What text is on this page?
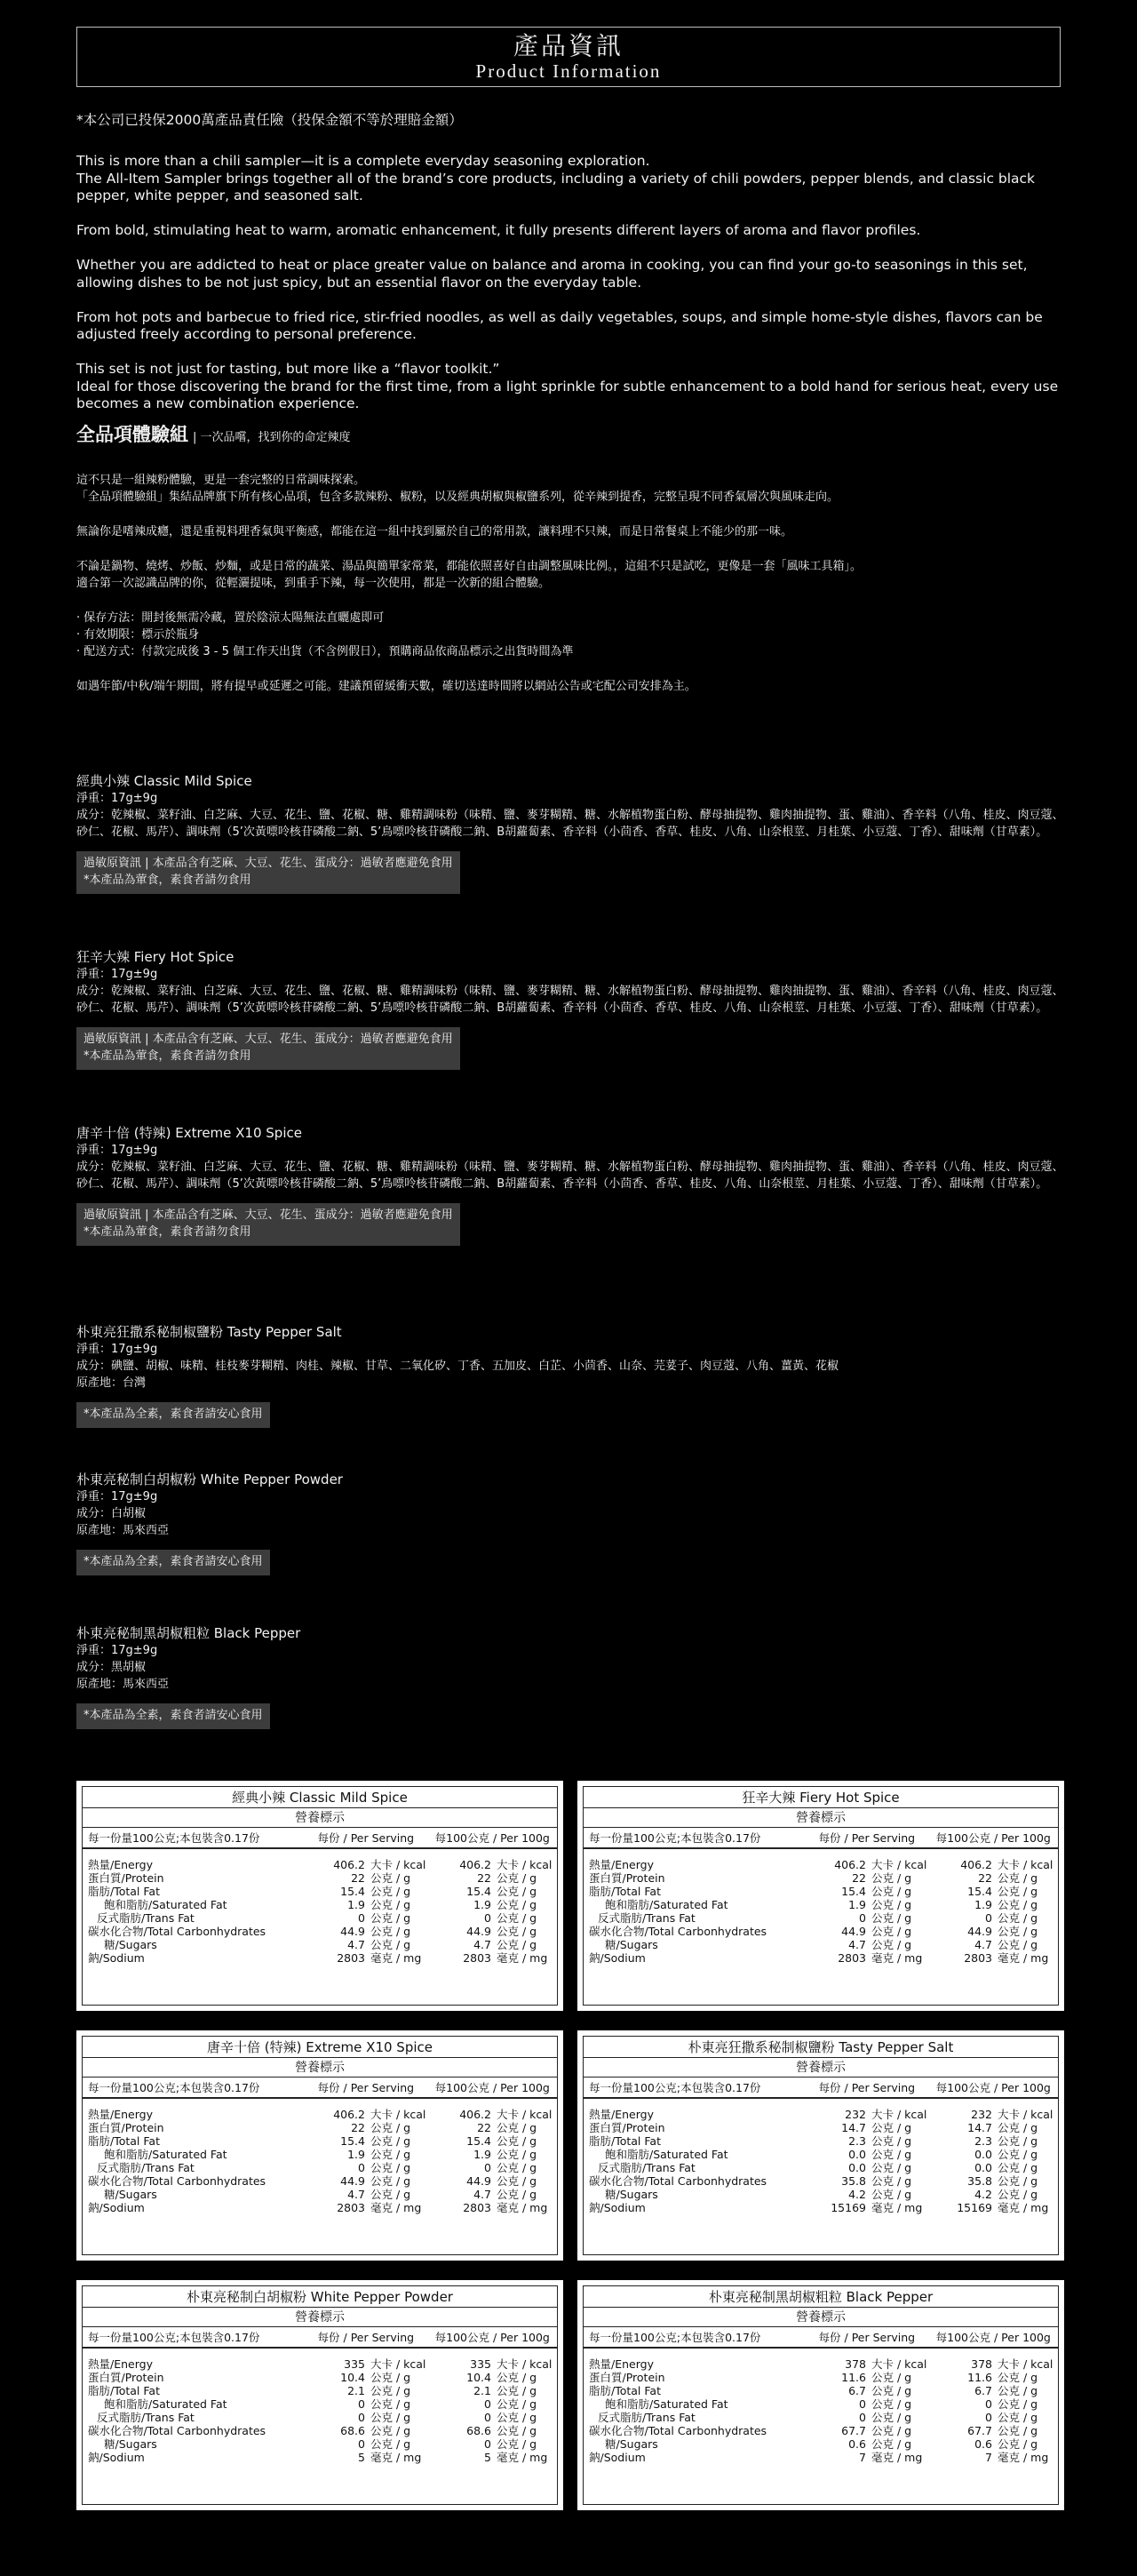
產品資訊
Product Information
*本公司已投保2000萬產品責任險（投保金額不等於理賠金額）

This is more than a chili sampler—it is a complete everyday seasoning exploration.
The All-Item Sampler brings together all of the brand’s core products, including a variety of chili powders, pepper blends, and classic black pepper, white pepper, and seasoned salt.

From bold, stimulating heat to warm, aromatic enhancement, it fully presents different layers of aroma and flavor profiles.

Whether you are addicted to heat or place greater value on balance and aroma in cooking, you can find your go-to seasonings in this set, allowing dishes to be not just spicy, but an essential flavor on the everyday table.

From hot pots and barbecue to fried rice, stir-fried noodles, as well as daily vegetables, soups, and simple home-style dishes, flavors can be adjusted freely according to personal preference.

This set is not just for tasting, but more like a “flavor toolkit.”
Ideal for those discovering the brand for the first time, from a light sprinkle for subtle enhancement to a bold hand for serious heat, every use becomes a new combination experience.

全品項體驗組 | 一次品嚐，找到你的命定辣度

這不只是一組辣粉體驗，更是一套完整的日常調味探索。
「全品項體驗組」集結品牌旗下所有核心品項，包含多款辣粉、椒粉，以及經典胡椒與椒鹽系列，從辛辣到提香，完整呈現不同香氣層次與風味走向。

無論你是嗜辣成癮，還是重視料理香氣與平衡感，都能在這一組中找到屬於自己的常用款，讓料理不只辣，而是日常餐桌上不能少的那一味。

不論是鍋物、燒烤、炒飯、炒麵，或是日常的蔬菜、湯品與簡單家常菜，都能依照喜好自由調整風味比例。，這組不只是試吃，更像是一套「風味工具箱」。
適合第一次認識品牌的你，從輕灑提味，到重手下辣，每一次使用，都是一次新的組合體驗。

· 保存方法：開封後無需冷藏，置於陰涼太陽無法直曬處即可
· 有效期限：標示於瓶身
· 配送方式：付款完成後 3 - 5 個工作天出貨（不含例假日），預購商品依商品標示之出貨時間為準

如遇年節/中秋/端午期間，將有提早或延遲之可能。建議預留緩衝天數，確切送達時間將以網站公告或宅配公司安排為主。

經典小辣 Classic Mild Spice
淨重：17g±9g
成分：乾辣椒、菜籽油、白芝麻、大豆、花生、鹽、花椒、糖、雞精調味粉（味精、鹽、麥芽糊精、糖、水解植物蛋白粉、酵母抽提物、雞肉抽提物、蛋、雞油）、香辛料（八角、桂皮、肉豆蔻、砂仁、花椒、馬芹）、調味劑（5’次黃嘌呤核苷磷酸二鈉、5’鳥嘌呤核苷磷酸二鈉、B胡蘿蔔素、香辛料（小茴香、香草、桂皮、八角、山奈根莖、月桂葉、小豆蔻、丁香）、甜味劑（甘草素）。
過敏原資訊 | 本產品含有芝麻、大豆、花生、蛋成分：過敏者應避免食用
*本產品為葷食，素食者請勿食用
狂辛大辣 Fiery Hot Spice
淨重：17g±9g
成分：乾辣椒、菜籽油、白芝麻、大豆、花生、鹽、花椒、糖、雞精調味粉（味精、鹽、麥芽糊精、糖、水解植物蛋白粉、酵母抽提物、雞肉抽提物、蛋、雞油）、香辛料（八角、桂皮、肉豆蔻、砂仁、花椒、馬芹）、調味劑（5’次黃嘌呤核苷磷酸二鈉、5’鳥嘌呤核苷磷酸二鈉、B胡蘿蔔素、香辛料（小茴香、香草、桂皮、八角、山奈根莖、月桂葉、小豆蔻、丁香）、甜味劑（甘草素）。
過敏原資訊 | 本產品含有芝麻、大豆、花生、蛋成分：過敏者應避免食用
*本產品為葷食，素食者請勿食用
唐辛十倍 (特辣) Extreme X10 Spice
淨重：17g±9g
成分：乾辣椒、菜籽油、白芝麻、大豆、花生、鹽、花椒、糖、雞精調味粉（味精、鹽、麥芽糊精、糖、水解植物蛋白粉、酵母抽提物、雞肉抽提物、蛋、雞油）、香辛料（八角、桂皮、肉豆蔻、砂仁、花椒、馬芹）、調味劑（5’次黃嘌呤核苷磷酸二鈉、5’鳥嘌呤核苷磷酸二鈉、B胡蘿蔔素、香辛料（小茴香、香草、桂皮、八角、山奈根莖、月桂葉、小豆蔻、丁香）、甜味劑（甘草素）。
過敏原資訊 | 本產品含有芝麻、大豆、花生、蛋成分：過敏者應避免食用
*本產品為葷食，素食者請勿食用
朴東亮狂撒系秘制椒鹽粉 Tasty Pepper Salt
淨重：17g±9g
成分：碘鹽、胡椒、味精、桂枝麥芽糊精、肉桂、辣椒、甘草、二氧化矽、丁香、五加皮、白芷、小茴香、山奈、芫荽子、肉豆蔻、八角、薑黃、花椒
原產地：台灣
*本產品為全素，素食者請安心食用
朴東亮秘制白胡椒粉 White Pepper Powder
淨重：17g±9g
成分：白胡椒
原產地：馬來西亞
*本產品為全素，素食者請安心食用
朴東亮秘制黑胡椒粗粒 Black Pepper
淨重：17g±9g
成分：黑胡椒
原產地：馬來西亞
*本產品為全素，素食者請安心食用
經典小辣 Classic Mild Spice
營養標示
每一份量100公克;本包裝含0.17份	每份 / Per Serving	每100公克 / Per 100g
熱量/Energy	406.2 大卡 / kcal	406.2 大卡 / kcal
蛋白質/Protein	22 公克 / g	22 公克 / g
脂肪/Total Fat	15.4 公克 / g	15.4 公克 / g
飽和脂肪/Saturated Fat	1.9 公克 / g	1.9 公克 / g
反式脂肪/Trans Fat	0 公克 / g	0 公克 / g
碳水化合物/Total Carbonhydrates	44.9 公克 / g	44.9 公克 / g
糖/Sugars	4.7 公克 / g	4.7 公克 / g
鈉/Sodium	2803 毫克 / mg	2803 毫克 / mg
狂辛大辣 Fiery Hot Spice
營養標示
每一份量100公克;本包裝含0.17份	每份 / Per Serving	每100公克 / Per 100g
熱量/Energy	406.2 大卡 / kcal	406.2 大卡 / kcal
蛋白質/Protein	22 公克 / g	22 公克 / g
脂肪/Total Fat	15.4 公克 / g	15.4 公克 / g
飽和脂肪/Saturated Fat	1.9 公克 / g	1.9 公克 / g
反式脂肪/Trans Fat	0 公克 / g	0 公克 / g
碳水化合物/Total Carbonhydrates	44.9 公克 / g	44.9 公克 / g
糖/Sugars	4.7 公克 / g	4.7 公克 / g
鈉/Sodium	2803 毫克 / mg	2803 毫克 / mg
唐辛十倍 (特辣) Extreme X10 Spice
營養標示
每一份量100公克;本包裝含0.17份	每份 / Per Serving	每100公克 / Per 100g
熱量/Energy	406.2 大卡 / kcal	406.2 大卡 / kcal
蛋白質/Protein	22 公克 / g	22 公克 / g
脂肪/Total Fat	15.4 公克 / g	15.4 公克 / g
飽和脂肪/Saturated Fat	1.9 公克 / g	1.9 公克 / g
反式脂肪/Trans Fat	0 公克 / g	0 公克 / g
碳水化合物/Total Carbonhydrates	44.9 公克 / g	44.9 公克 / g
糖/Sugars	4.7 公克 / g	4.7 公克 / g
鈉/Sodium	2803 毫克 / mg	2803 毫克 / mg
朴東亮狂撒系秘制椒鹽粉 Tasty Pepper Salt
營養標示
每一份量100公克;本包裝含0.17份	每份 / Per Serving	每100公克 / Per 100g
熱量/Energy	232 大卡 / kcal	232 大卡 / kcal
蛋白質/Protein	14.7 公克 / g	14.7 公克 / g
脂肪/Total Fat	2.3 公克 / g	2.3 公克 / g
飽和脂肪/Saturated Fat	0.0 公克 / g	0.0 公克 / g
反式脂肪/Trans Fat	0.0 公克 / g	0.0 公克 / g
碳水化合物/Total Carbonhydrates	35.8 公克 / g	35.8 公克 / g
糖/Sugars	4.2 公克 / g	4.2 公克 / g
鈉/Sodium	15169 毫克 / mg	15169 毫克 / mg
朴東亮秘制白胡椒粉 White Pepper Powder
營養標示
每一份量100公克;本包裝含0.17份	每份 / Per Serving	每100公克 / Per 100g
熱量/Energy	335 大卡 / kcal	335 大卡 / kcal
蛋白質/Protein	10.4 公克 / g	10.4 公克 / g
脂肪/Total Fat	2.1 公克 / g	2.1 公克 / g
飽和脂肪/Saturated Fat	0 公克 / g	0 公克 / g
反式脂肪/Trans Fat	0 公克 / g	0 公克 / g
碳水化合物/Total Carbonhydrates	68.6 公克 / g	68.6 公克 / g
糖/Sugars	0 公克 / g	0 公克 / g
鈉/Sodium	5 毫克 / mg	5 毫克 / mg
朴東亮秘制黑胡椒粗粒 Black Pepper
營養標示
每一份量100公克;本包裝含0.17份	每份 / Per Serving	每100公克 / Per 100g
熱量/Energy	378 大卡 / kcal	378 大卡 / kcal
蛋白質/Protein	11.6 公克 / g	11.6 公克 / g
脂肪/Total Fat	6.7 公克 / g	6.7 公克 / g
飽和脂肪/Saturated Fat	0 公克 / g	0 公克 / g
反式脂肪/Trans Fat	0 公克 / g	0 公克 / g
碳水化合物/Total Carbonhydrates	67.7 公克 / g	67.7 公克 / g
糖/Sugars	0.6 公克 / g	0.6 公克 / g
鈉/Sodium	7 毫克 / mg	7 毫克 / mg
